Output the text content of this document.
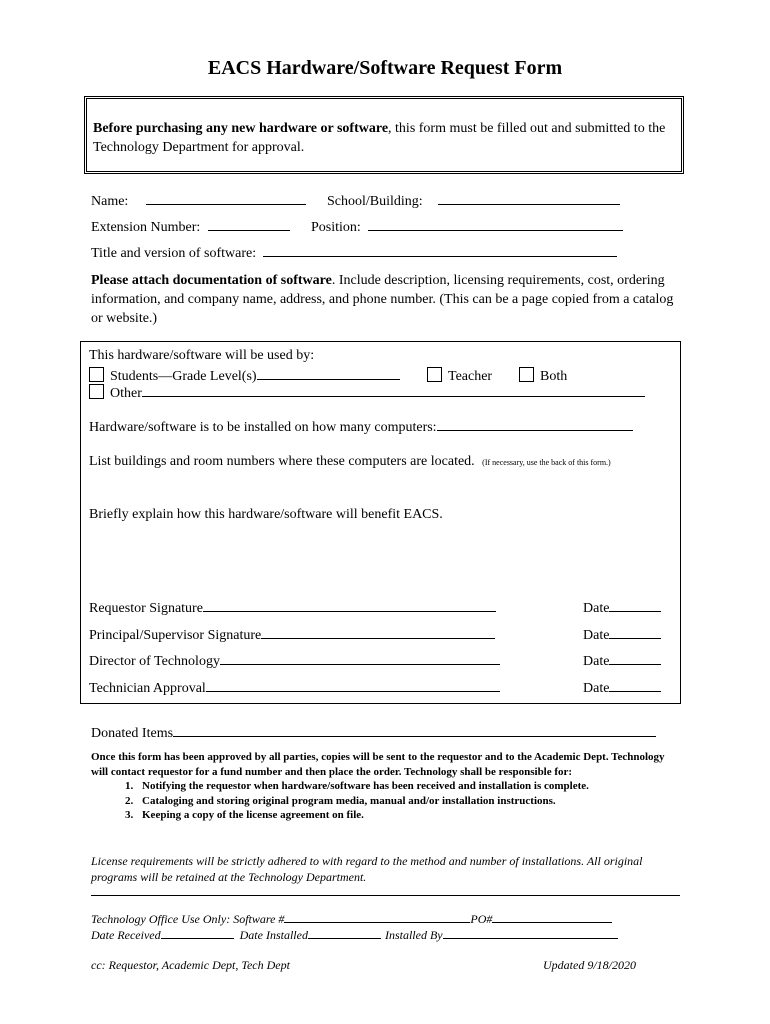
EACS Hardware/Software Request Form
Before purchasing any new hardware or software, this form must be filled out and submitted to the Technology Department for approval.
Name:	School/Building:
Extension Number:	Position:
Title and version of software:
Please attach documentation of software. Include description, licensing requirements, cost, ordering information, and company name, address, and phone number. (This can be a page copied from a catalog or website.)
This hardware/software will be used by:
Students—Grade Level(s)	Teacher	Both
Other
Hardware/software is to be installed on how many computers:
List buildings and room numbers where these computers are located. (If necessary, use the back of this form.)
Briefly explain how this hardware/software will benefit EACS.
Requestor Signature	Date
Principal/Supervisor Signature	Date
Director of Technology	Date
Technician Approval	Date
Donated Items
Once this form has been approved by all parties, copies will be sent to the requestor and to the Academic Dept. Technology will contact requestor for a fund number and then place the order. Technology shall be responsible for:
1. Notifying the requestor when hardware/software has been received and installation is complete.
2. Cataloging and storing original program media, manual and/or installation instructions.
3. Keeping a copy of the license agreement on file.
License requirements will be strictly adhered to with regard to the method and number of installations. All original programs will be retained at the Technology Department.
Technology Office Use Only: Software #	PO#
Date Received	Date Installed	Installed By
cc: Requestor, Academic Dept, Tech Dept	Updated 9/18/2020
